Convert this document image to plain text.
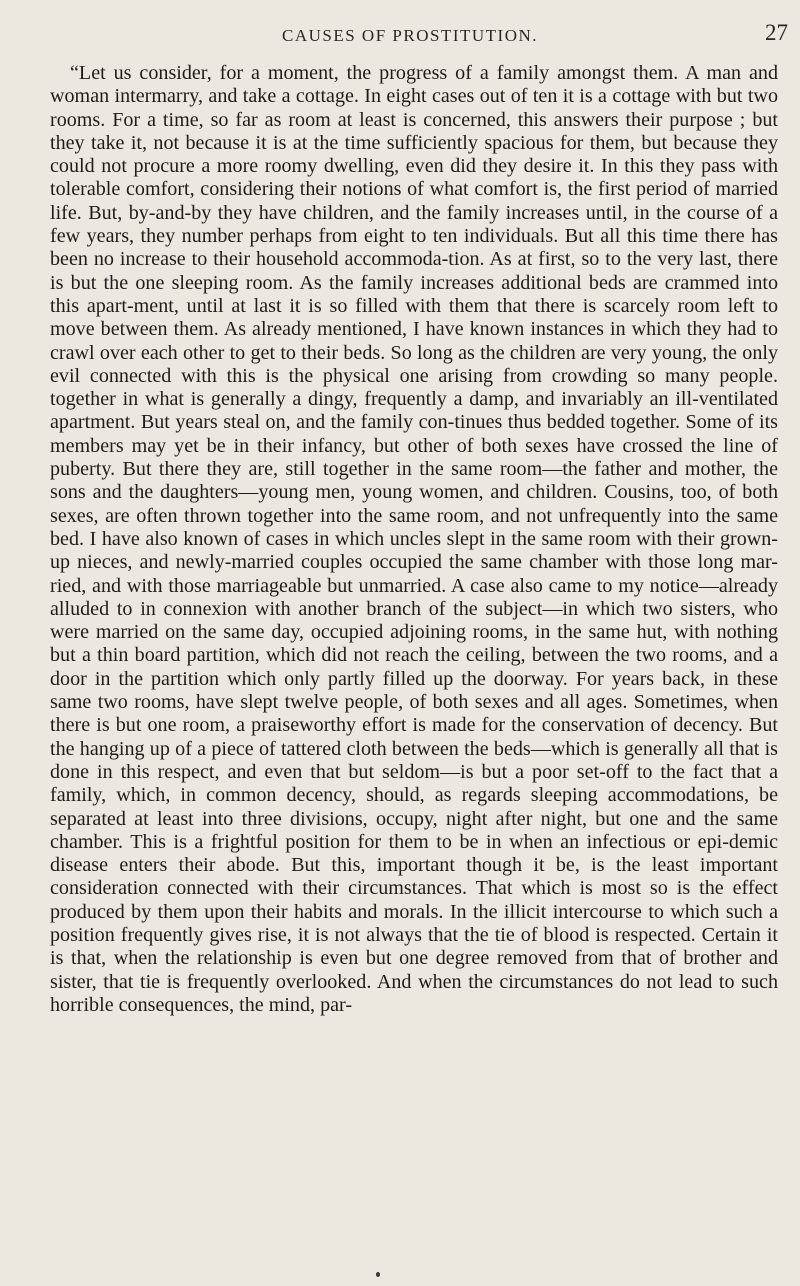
CAUSES OF PROSTITUTION.	27

“Let us consider, for a moment, the progress of a family amongst them. A man and woman intermarry, and take a cottage. In eight cases out of ten it is a cottage with but two rooms. For a time, so far as room at least is concerned, this answers their purpose ; but they take it, not because it is at the time sufficiently spacious for them, but because they could not procure a more roomy dwelling, even did they desire it. In this they pass with tolerable comfort, considering their notions of what comfort is, the first period of married life. But, by-and-by they have children, and the family increases until, in the course of a few years, they number perhaps from eight to ten individuals. But all this time there has been no increase to their household accommoda-tion. As at first, so to the very last, there is but the one sleeping room. As the family increases additional beds are crammed into this apart-ment, until at last it is so filled with them that there is scarcely room left to move between them. As already mentioned, I have known instances in which they had to crawl over each other to get to their beds. So long as the children are very young, the only evil connected with this is the physical one arising from crowding so many people. together in what is generally a dingy, frequently a damp, and invariably an ill-ventilated apartment. But years steal on, and the family con-tinues thus bedded together. Some of its members may yet be in their infancy, but other of both sexes have crossed the line of puberty. But there they are, still together in the same room—the father and mother, the sons and the daughters—young men, young women, and children. Cousins, too, of both sexes, are often thrown together into the same room, and not unfrequently into the same bed. I have also known of cases in which uncles slept in the same room with their grown-up nieces, and newly-married couples occupied the same chamber with those long mar-ried, and with those marriageable but unmarried. A case also came to my notice—already alluded to in connexion with another branch of the subject—in which two sisters, who were married on the same day, occupied adjoining rooms, in the same hut, with nothing but a thin board partition, which did not reach the ceiling, between the two rooms, and a door in the partition which only partly filled up the doorway. For years back, in these same two rooms, have slept twelve people, of both sexes and all ages. Sometimes, when there is but one room, a praiseworthy effort is made for the conservation of decency. But the hanging up of a piece of tattered cloth between the beds—which is generally all that is done in this respect, and even that but seldom—is but a poor set-off to the fact that a family, which, in common decency, should, as regards sleeping accommodations, be separated at least into three divisions, occupy, night after night, but one and the same chamber. This is a frightful position for them to be in when an infectious or epi-demic disease enters their abode. But this, important though it be, is the least important consideration connected with their circumstances. That which is most so is the effect produced by them upon their habits and morals. In the illicit intercourse to which such a position frequently gives rise, it is not always that the tie of blood is respected. Certain it is that, when the relationship is even but one degree removed from that of brother and sister, that tie is frequently overlooked. And when the circumstances do not lead to such horrible consequences, the mind, par-
